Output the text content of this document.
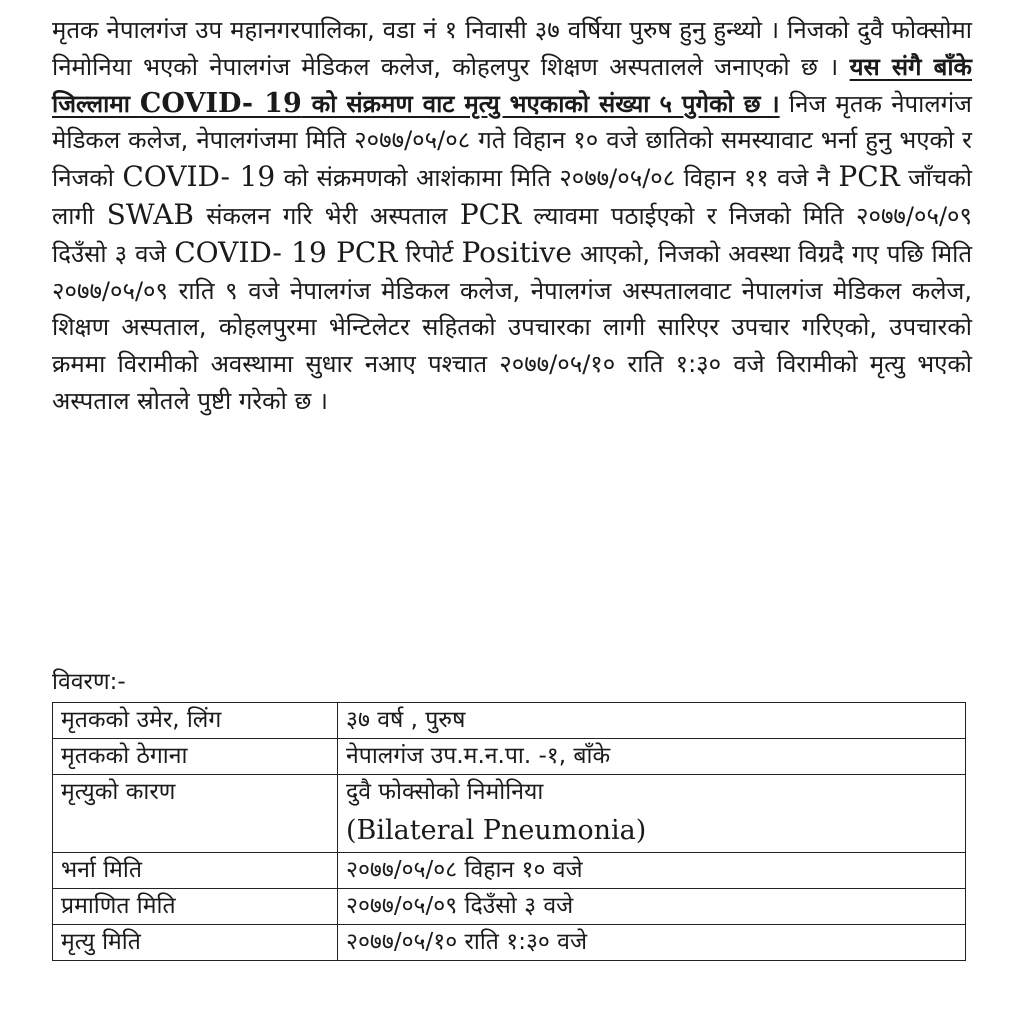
मृतक नेपालगंज उप महानगरपालिका, वडा नं १ निवासी ३७ वर्षिया पुरुष हुनु हुन्थ्यो । निजको दुवै फोक्सोमा निमोनिया भएको नेपालगंज मेडिकल कलेज, कोहलपुर शिक्षण अस्पतालले जनाएको छ । यस संगै बाँके जिल्लामा COVID- 19 को संक्रमण वाट मृत्यु भएकाको संख्या ५ पुगेको छ । निज मृतक नेपालगंज मेडिकल कलेज, नेपालगंजमा मिति २०७७/०५/०८ गते विहान १० वजे छातिको समस्यावाट भर्ना हुनु भएको र निजको COVID- 19 को संक्रमणको आशंकामा मिति २०७७/०५/०८ विहान ११ वजे नै PCR जाँचको लागी SWAB संकलन गरि भेरी अस्पताल PCR ल्यावमा पठाईएको र निजको मिति २०७७/०५/०९ दिउँसो ३ वजे COVID- 19 PCR रिपोर्ट Positive आएको, निजको अवस्था विग्रदै गए पछि मिति २०७७/०५/०९ राति ९ वजे नेपालगंज मेडिकल कलेज, नेपालगंज अस्पतालवाट नेपालगंज मेडिकल कलेज, शिक्षण अस्पताल, कोहलपुरमा भेन्टिलेटर सहितको उपचारका लागी सारिएर उपचार गरिएको, उपचारको क्रममा विरामीको अवस्थामा सुधार नआए पश्चात २०७७/०५/१० राति १:३० वजे विरामीको मृत्यु भएको अस्पताल स्रोतले पुष्टी गरेको छ ।

विवरण:-
मृतकको उमेर, लिंग	३७ वर्ष , पुरुष
मृतकको ठेगाना	नेपालगंज उप.म.न.पा. -१, बाँके
मृत्युको कारण	दुवै फोक्सोको निमोनिया
(Bilateral Pneumonia)

भर्ना मिति	२०७७/०५/०८ विहान १० वजे
प्रमाणित मिति	२०७७/०५/०९ दिउँसो ३ वजे
मृत्यु मिति	२०७७/०५/१० राति १:३० वजे
